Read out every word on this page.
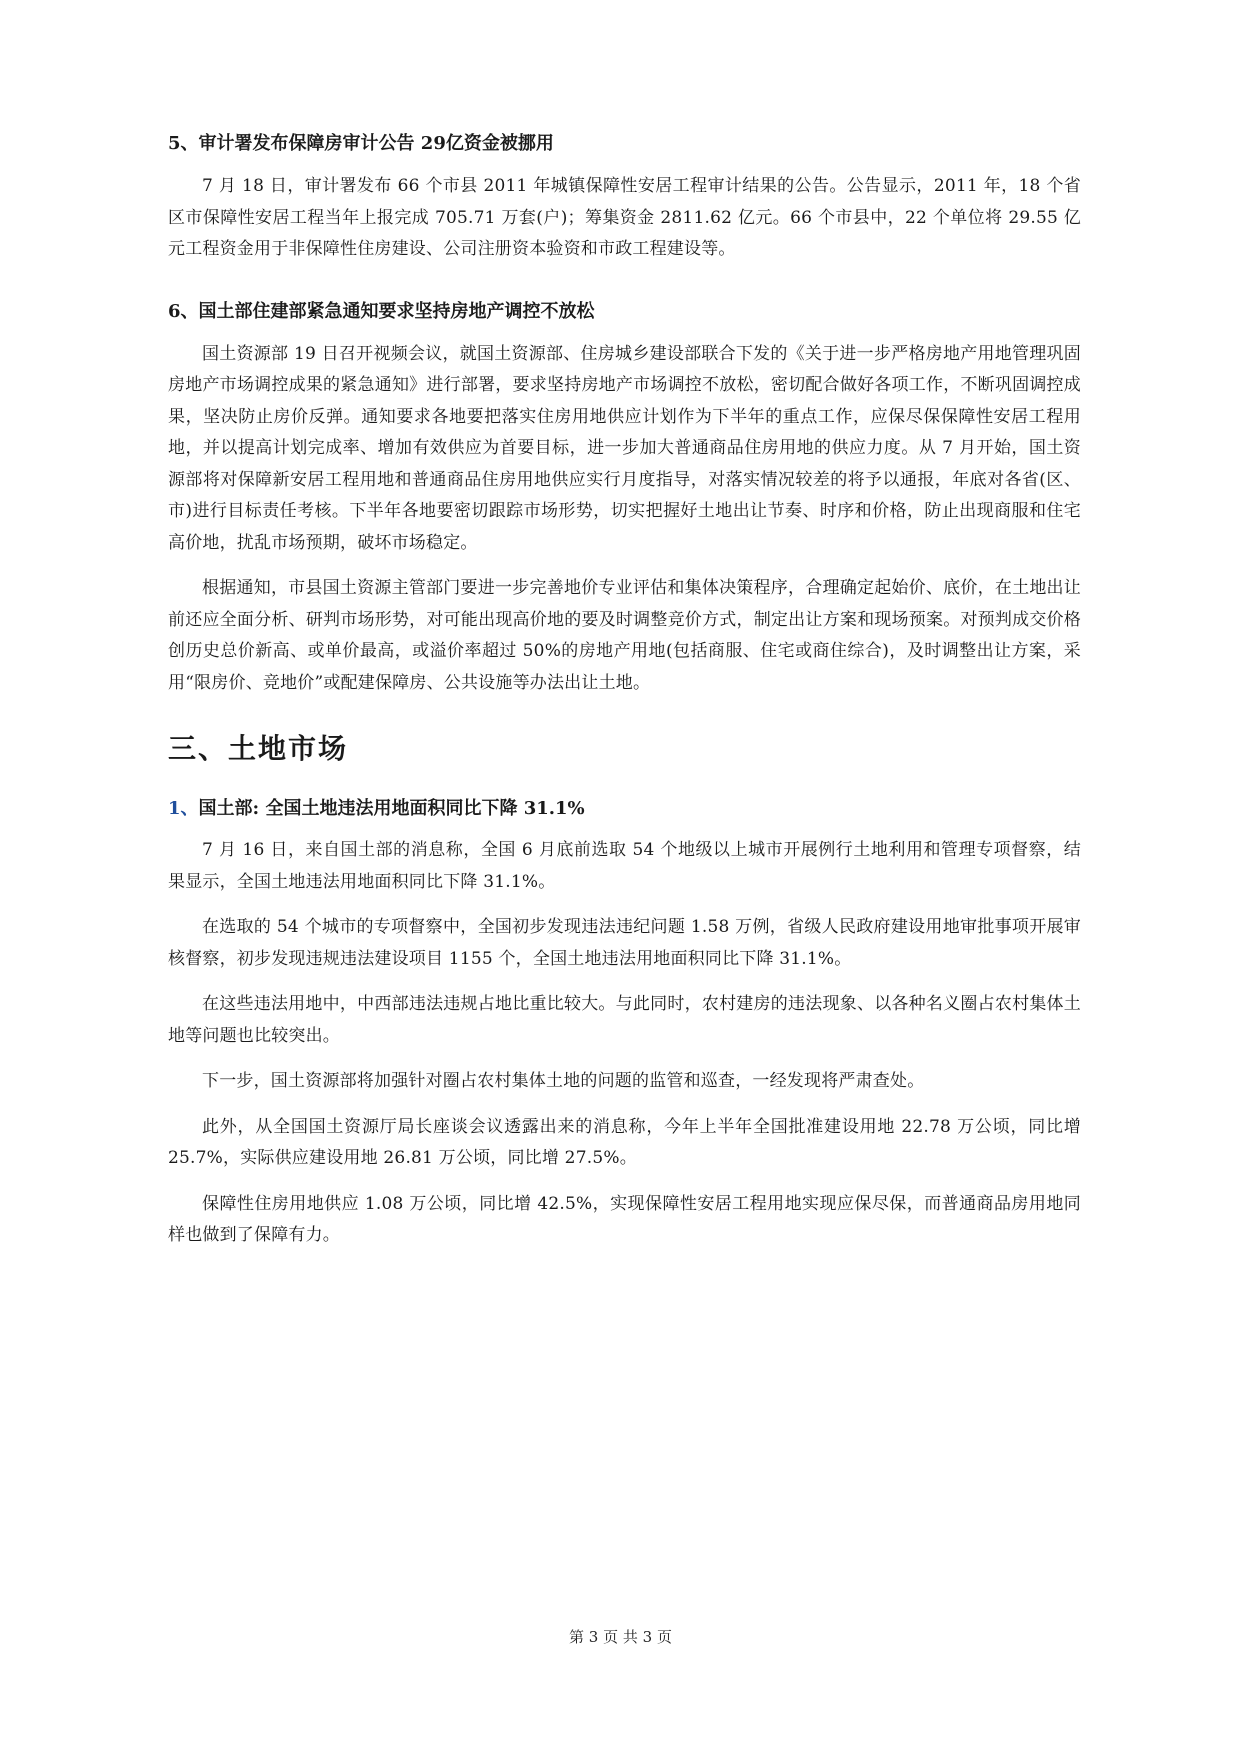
5、审计署发布保障房审计公告 29亿资金被挪用

7 月 18 日，审计署发布 66 个市县 2011 年城镇保障性安居工程审计结果的公告。公告显示，2011 年，18 个省区市保障性安居工程当年上报完成 705.71 万套(户)；筹集资金 2811.62 亿元。66 个市县中，22 个单位将 29.55 亿元工程资金用于非保障性住房建设、公司注册资本验资和市政工程建设等。

6、国土部住建部紧急通知要求坚持房地产调控不放松

国土资源部 19 日召开视频会议，就国土资源部、住房城乡建设部联合下发的《关于进一步严格房地产用地管理巩固房地产市场调控成果的紧急通知》进行部署，要求坚持房地产市场调控不放松，密切配合做好各项工作，不断巩固调控成果，坚决防止房价反弹。通知要求各地要把落实住房用地供应计划作为下半年的重点工作，应保尽保保障性安居工程用地，并以提高计划完成率、增加有效供应为首要目标，进一步加大普通商品住房用地的供应力度。从 7 月开始，国土资源部将对保障新安居工程用地和普通商品住房用地供应实行月度指导，对落实情况较差的将予以通报，年底对各省(区、市)进行目标责任考核。下半年各地要密切跟踪市场形势，切实把握好土地出让节奏、时序和价格，防止出现商服和住宅高价地，扰乱市场预期，破坏市场稳定。

根据通知，市县国土资源主管部门要进一步完善地价专业评估和集体决策程序，合理确定起始价、底价，在土地出让前还应全面分析、研判市场形势，对可能出现高价地的要及时调整竞价方式，制定出让方案和现场预案。对预判成交价格创历史总价新高、或单价最高，或溢价率超过 50%的房地产用地(包括商服、住宅或商住综合)，及时调整出让方案，采用“限房价、竞地价”或配建保障房、公共设施等办法出让土地。

三、土地市场
1、国土部: 全国土地违法用地面积同比下降 31.1%

7 月 16 日，来自国土部的消息称，全国 6 月底前选取 54 个地级以上城市开展例行土地利用和管理专项督察，结果显示，全国土地违法用地面积同比下降 31.1%。

在选取的 54 个城市的专项督察中，全国初步发现违法违纪问题 1.58 万例，省级人民政府建设用地审批事项开展审核督察，初步发现违规违法建设项目 1155 个，全国土地违法用地面积同比下降 31.1%。

在这些违法用地中，中西部违法违规占地比重比较大。与此同时，农村建房的违法现象、以各种名义圈占农村集体土地等问题也比较突出。

下一步，国土资源部将加强针对圈占农村集体土地的问题的监管和巡查，一经发现将严肃查处。

此外，从全国国土资源厅局长座谈会议透露出来的消息称，今年上半年全国批准建设用地 22.78 万公顷，同比增 25.7%，实际供应建设用地 26.81 万公顷，同比增 27.5%。

保障性住房用地供应 1.08 万公顷，同比增 42.5%，实现保障性安居工程用地实现应保尽保，而普通商品房用地同样也做到了保障有力。

第 3 页 共 3 页
